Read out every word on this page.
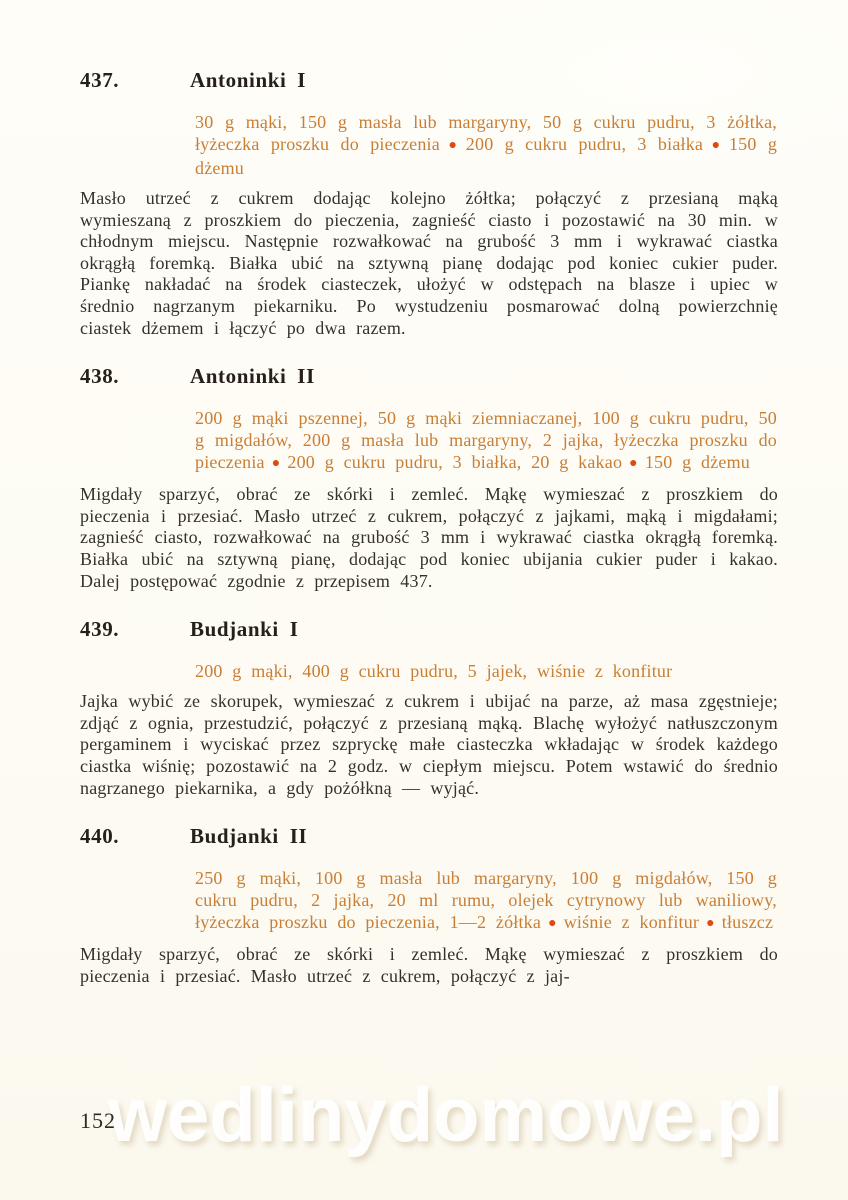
wedlinydomowe.pl
437.	Antoninki I
30 g mąki, 150 g masła lub margaryny, 50 g cukru pudru, 3 żółtka, łyżeczka proszku do pieczenia ● 200 g cukru pudru, 3 białka ● 150 g dżemu

Masło utrzeć z cukrem dodając kolejno żółtka; połączyć z przesianą mąką wymieszaną z proszkiem do pieczenia, zagnieść ciasto i pozostawić na 30 min. w chłodnym miejscu. Następnie rozwałkować na grubość 3 mm i wykrawać ciastka okrągłą foremką. Białka ubić na sztywną pianę dodając pod koniec cukier puder. Piankę nakładać na środek ciasteczek, ułożyć w odstępach na blasze i upiec w średnio nagrzanym piekarniku. Po wystudzeniu posmarować dolną powierzchnię ciastek dżemem i łączyć po dwa razem.

438.	Antoninki II
200 g mąki pszennej, 50 g mąki ziemniaczanej, 100 g cukru pudru, 50 g migdałów, 200 g masła lub margaryny, 2 jajka, łyżeczka proszku do pieczenia ● 200 g cukru pudru, 3 białka, 20 g kakao ● 150 g dżemu

Migdały sparzyć, obrać ze skórki i zemleć. Mąkę wymieszać z proszkiem do pieczenia i przesiać. Masło utrzeć z cukrem, połączyć z jajkami, mąką i migdałami; zagnieść ciasto, rozwałkować na grubość 3 mm i wykrawać ciastka okrągłą foremką. Białka ubić na sztywną pianę, dodając pod koniec ubijania cukier puder i kakao. Dalej postępować zgodnie z przepisem 437.

439.	Budjanki I
200 g mąki, 400 g cukru pudru, 5 jajek, wiśnie z konfitur

Jajka wybić ze skorupek, wymieszać z cukrem i ubijać na parze, aż masa zgęstnieje; zdjąć z ognia, przestudzić, połączyć z przesianą mąką. Blachę wyłożyć natłuszczonym pergaminem i wyciskać przez szpryckę małe ciasteczka wkładając w środek każdego ciastka wiśnię; pozostawić na 2 godz. w ciepłym miejscu. Potem wstawić do średnio nagrzanego piekarnika, a gdy pożółkną — wyjąć.

440.	Budjanki II
250 g mąki, 100 g masła lub margaryny, 100 g migdałów, 150 g cukru pudru, 2 jajka, 20 ml rumu, olejek cytrynowy lub waniliowy, łyżeczka proszku do pieczenia, 1—2 żółtka ● wiśnie z konfitur ● tłuszcz

Migdały sparzyć, obrać ze skórki i zemleć. Mąkę wymieszać z proszkiem do pieczenia i przesiać. Masło utrzeć z cukrem, połączyć z jaj-

152
